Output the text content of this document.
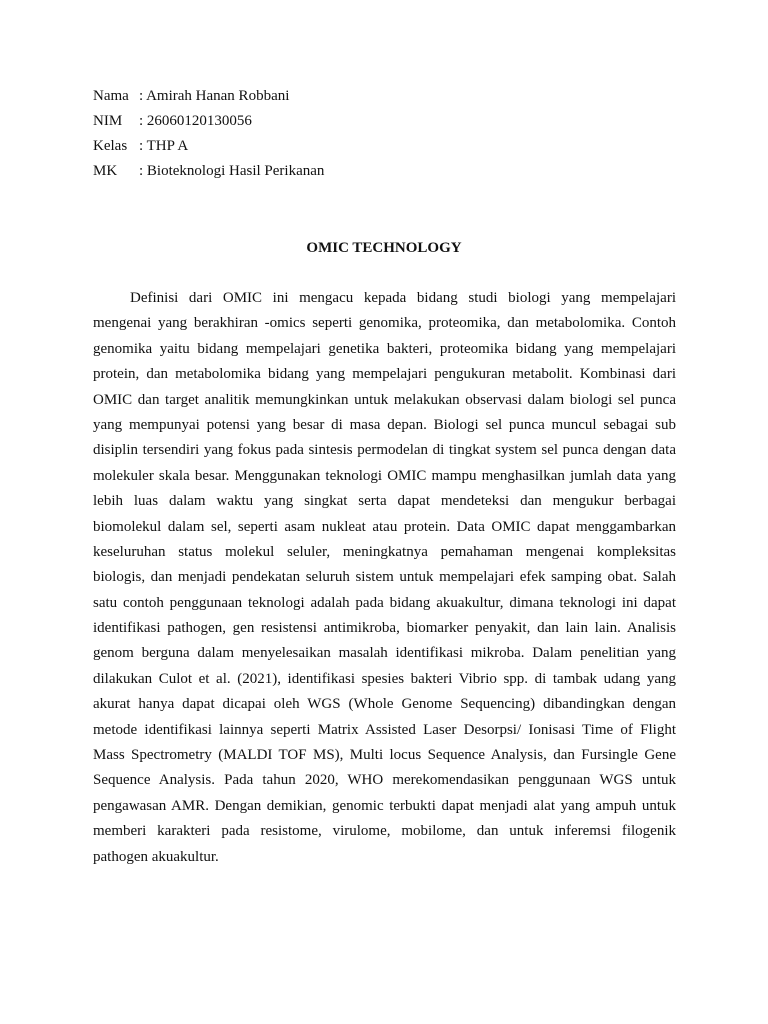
Nama : Amirah Hanan Robbani
NIM	: 26060120130056
Kelas : THP A
MK	: Bioteknologi Hasil Perikanan
OMIC TECHNOLOGY
Definisi dari OMIC ini mengacu kepada bidang studi biologi yang mempelajari
mengenai yang berakhiran -omics seperti genomika, proteomika, dan metabolomika. Contoh
genomika yaitu bidang mempelajari genetika bakteri, proteomika bidang yang mempelajari
protein, dan metabolomika bidang yang mempelajari pengukuran metabolit. Kombinasi dari
OMIC dan target analitik memungkinkan untuk melakukan observasi dalam biologi sel punca
yang mempunyai potensi yang besar di masa depan. Biologi sel punca muncul sebagai sub
disiplin tersendiri yang fokus pada sintesis permodelan di tingkat system sel punca dengan data
molekuler skala besar. Menggunakan teknologi OMIC mampu menghasilkan jumlah data yang
lebih luas dalam waktu yang singkat serta dapat mendeteksi dan mengukur berbagai
biomolekul dalam sel, seperti asam nukleat atau protein. Data OMIC dapat menggambarkan
keseluruhan status molekul seluler, meningkatnya pemahaman mengenai kompleksitas
biologis, dan menjadi pendekatan seluruh sistem untuk mempelajari efek samping obat. Salah
satu contoh penggunaan teknologi adalah pada bidang akuakultur, dimana teknologi ini dapat
identifikasi pathogen, gen resistensi antimikroba, biomarker penyakit, dan lain lain. Analisis
genom berguna dalam menyelesaikan masalah identifikasi mikroba. Dalam penelitian yang
dilakukan Culot et al. (2021), identifikasi spesies bakteri Vibrio spp. di tambak udang yang
akurat hanya dapat dicapai oleh WGS (Whole Genome Sequencing) dibandingkan dengan
metode identifikasi lainnya seperti Matrix Assisted Laser Desorpsi/ Ionisasi Time of Flight
Mass Spectrometry (MALDI TOF MS), Multi locus Sequence Analysis, dan Fursingle Gene
Sequence Analysis. Pada tahun 2020, WHO merekomendasikan penggunaan WGS untuk
pengawasan AMR. Dengan demikian, genomic terbukti dapat menjadi alat yang ampuh untuk
memberi karakteri pada resistome, virulome, mobilome, dan untuk inferemsi filogenik
pathogen akuakultur.
